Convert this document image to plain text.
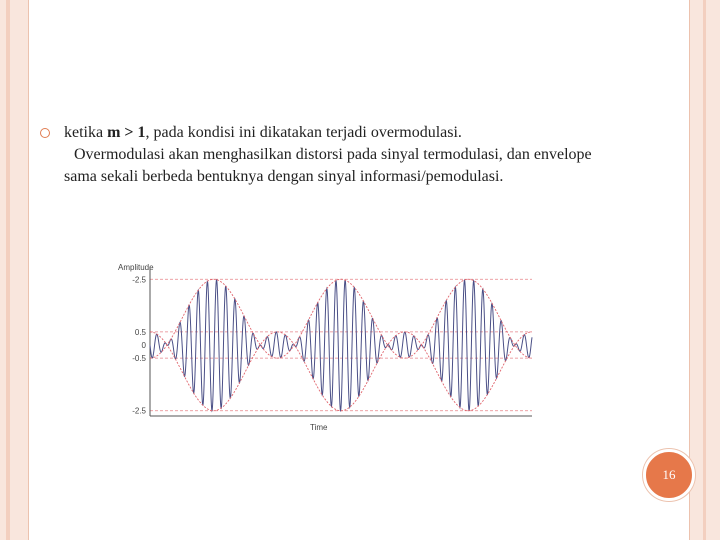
ketika m > 1, pada kondisi ini dikatakan terjadi overmodulasi.

Overmodulasi akan menghasilkan distorsi pada sinyal termodulasi, dan envelope sama sekali berbeda bentuknya dengan sinyal informasi/pemodulasi.

Amplitude
Time
-2.5
0.5
0
-0.5
-2.5
16
